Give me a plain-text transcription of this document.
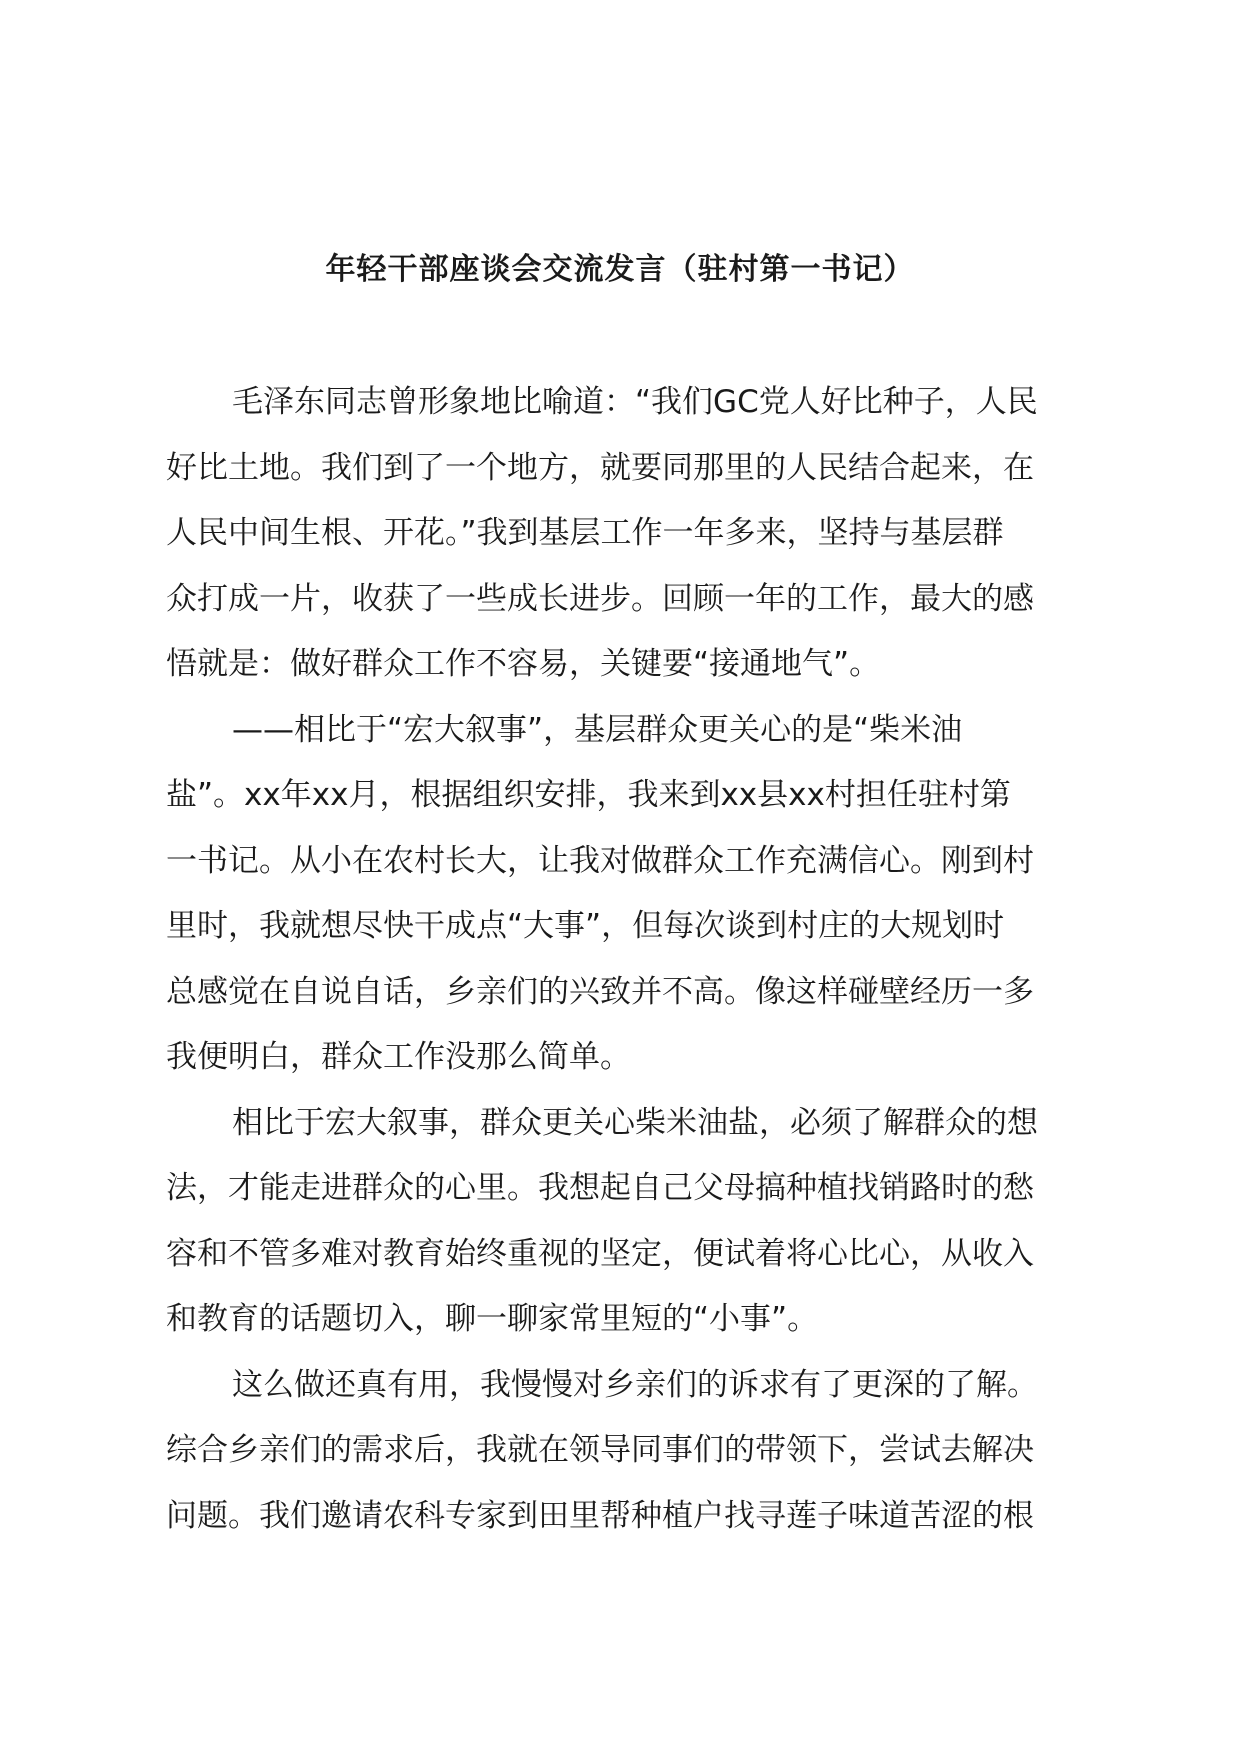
年轻干部座谈会交流发言（驻村第一书记）
毛泽东同志曾形象地比喻道：“我们GC党人好比种子，人民
好比土地。我们到了一个地方，就要同那里的人民结合起来，在
人民中间生根、开花。”我到基层工作一年多来，坚持与基层群
众打成一片，收获了一些成长进步。回顾一年的工作，最大的感
悟就是：做好群众工作不容易，关键要“接通地气”。
——相比于“宏大叙事”，基层群众更关心的是“柴米油
盐”。xx年xx月，根据组织安排，我来到xx县xx村担任驻村第
一书记。从小在农村长大，让我对做群众工作充满信心。刚到村
里时，我就想尽快干成点“大事”，但每次谈到村庄的大规划时
总感觉在自说自话，乡亲们的兴致并不高。像这样碰壁经历一多
我便明白，群众工作没那么简单。
相比于宏大叙事，群众更关心柴米油盐，必须了解群众的想
法，才能走进群众的心里。我想起自己父母搞种植找销路时的愁
容和不管多难对教育始终重视的坚定，便试着将心比心，从收入
和教育的话题切入，聊一聊家常里短的“小事”。
这么做还真有用，我慢慢对乡亲们的诉求有了更深的了解。
综合乡亲们的需求后，我就在领导同事们的带领下，尝试去解决
问题。我们邀请农科专家到田里帮种植户找寻莲子味道苦涩的根
